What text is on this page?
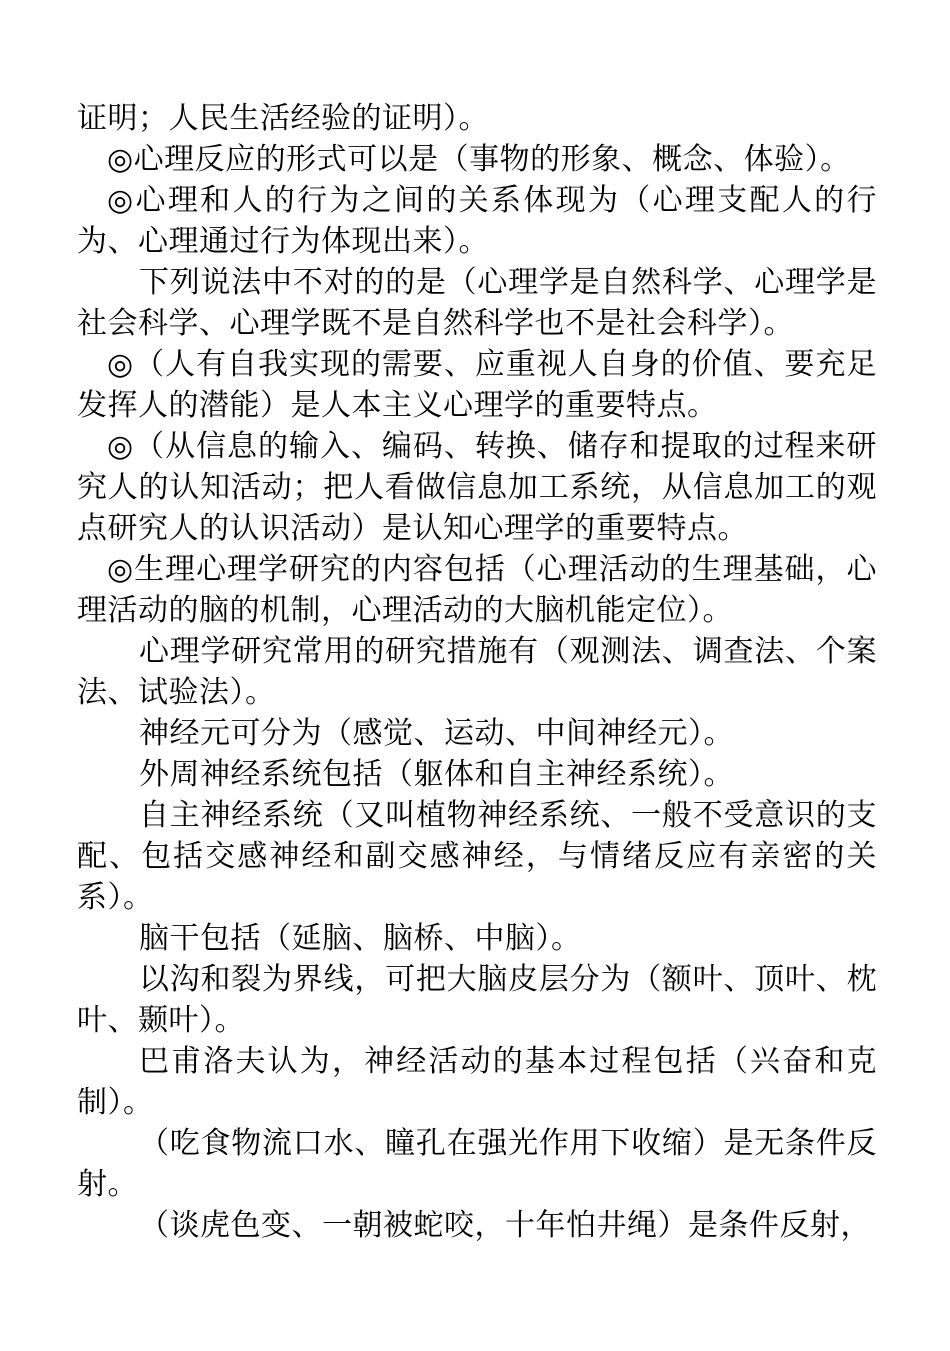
证明；人民生活经验的证明）。

◎心理反应的形式可以是（事物的形象、概念、体验）。

◎心理和人的行为之间的关系体现为（心理支配人的行为、心理通过行为体现出来）。

下列说法中不对的的是（心理学是自然科学、心理学是社会科学、心理学既不是自然科学也不是社会科学）。

◎（人有自我实现的需要、应重视人自身的价值、要充足发挥人的潜能）是人本主义心理学的重要特点。

◎（从信息的输入、编码、转换、储存和提取的过程来研究人的认知活动；把人看做信息加工系统，从信息加工的观点研究人的认识活动）是认知心理学的重要特点。

◎生理心理学研究的内容包括（心理活动的生理基础，心理活动的脑的机制，心理活动的大脑机能定位）。

心理学研究常用的研究措施有（观测法、调查法、个案法、试验法）。

神经元可分为（感觉、运动、中间神经元）。

外周神经系统包括（躯体和自主神经系统）。

自主神经系统（又叫植物神经系统、一般不受意识的支配、包括交感神经和副交感神经，与情绪反应有亲密的关系）。

脑干包括（延脑、脑桥、中脑）。

以沟和裂为界线，可把大脑皮层分为（额叶、顶叶、枕叶、颞叶）。

巴甫洛夫认为，神经活动的基本过程包括（兴奋和克制）。

（吃食物流口水、瞳孔在强光作用下收缩）是无条件反射。

（谈虎色变、一朝被蛇咬，十年怕井绳）是条件反射，
